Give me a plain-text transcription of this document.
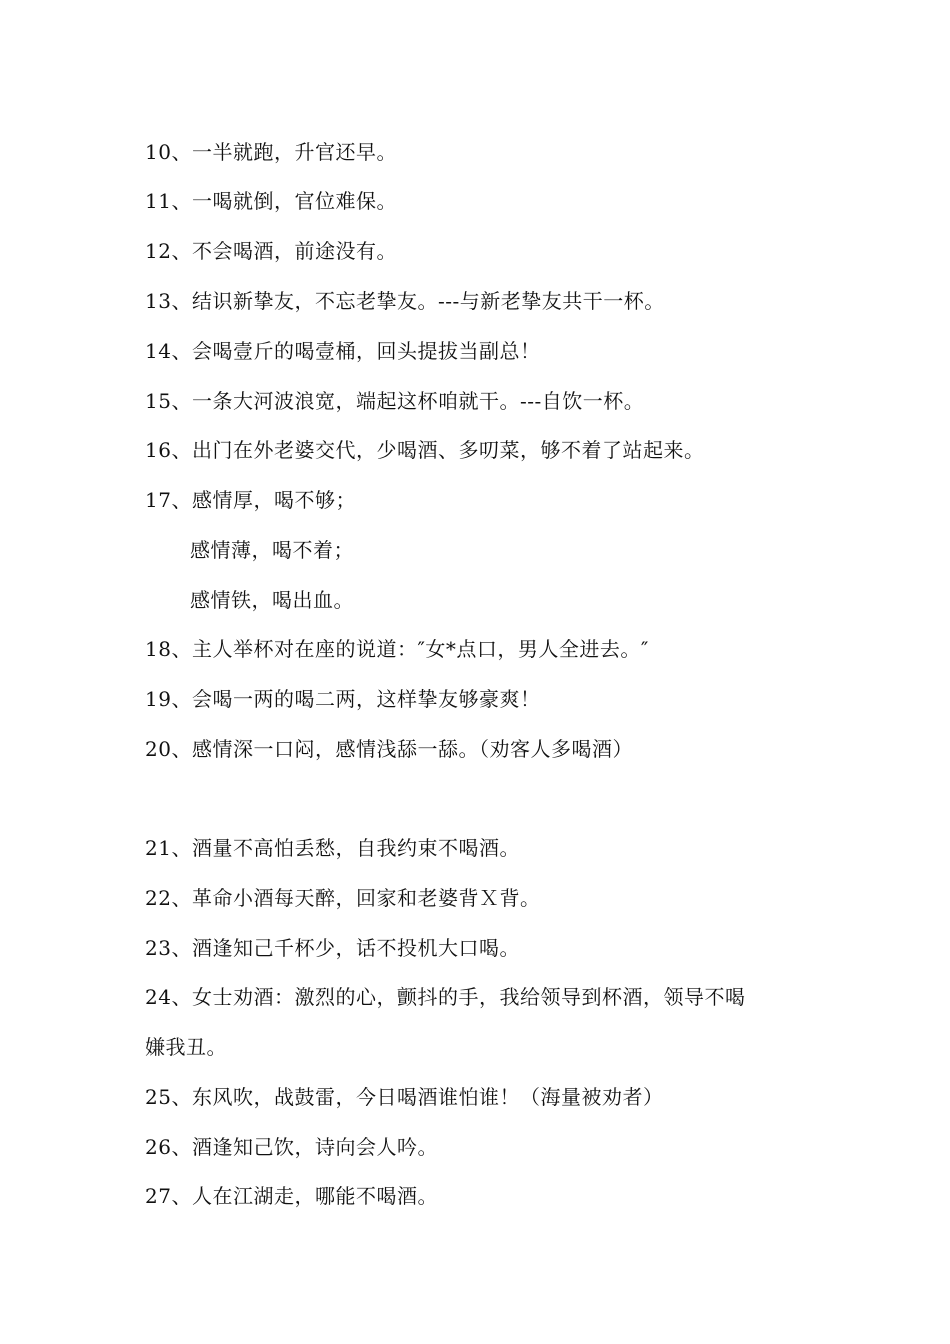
10、一半就跑，升官还早。
11、一喝就倒，官位难保。
12、不会喝酒，前途没有。
13、结识新挚友，不忘老挚友。---与新老挚友共干一杯。
14、会喝壹斤的喝壹桶，回头提拔当副总！
15、一条大河波浪宽，端起这杯咱就干。---自饮一杯。
16、出门在外老婆交代，少喝酒、多叨菜，够不着了站起来。
17、感情厚，喝不够；
感情薄，喝不着；
感情铁，喝出血。
18、主人举杯对在座的说道：″女*点口，男人全进去。″
19、会喝一两的喝二两，这样挚友够豪爽！
20、感情深一口闷，感情浅舔一舔。（劝客人多喝酒）
21、酒量不高怕丢愁，自我约束不喝酒。
22、革命小酒每天醉，回家和老婆背Ｘ背。
23、酒逢知己千杯少，话不投机大口喝。
24、女士劝酒：激烈的心，颤抖的手，我给领导到杯酒，领导不喝
嫌我丑。
25、东风吹，战鼓雷，今日喝酒谁怕谁！（海量被劝者）
26、酒逢知己饮，诗向会人吟。
27、人在江湖走，哪能不喝酒。
